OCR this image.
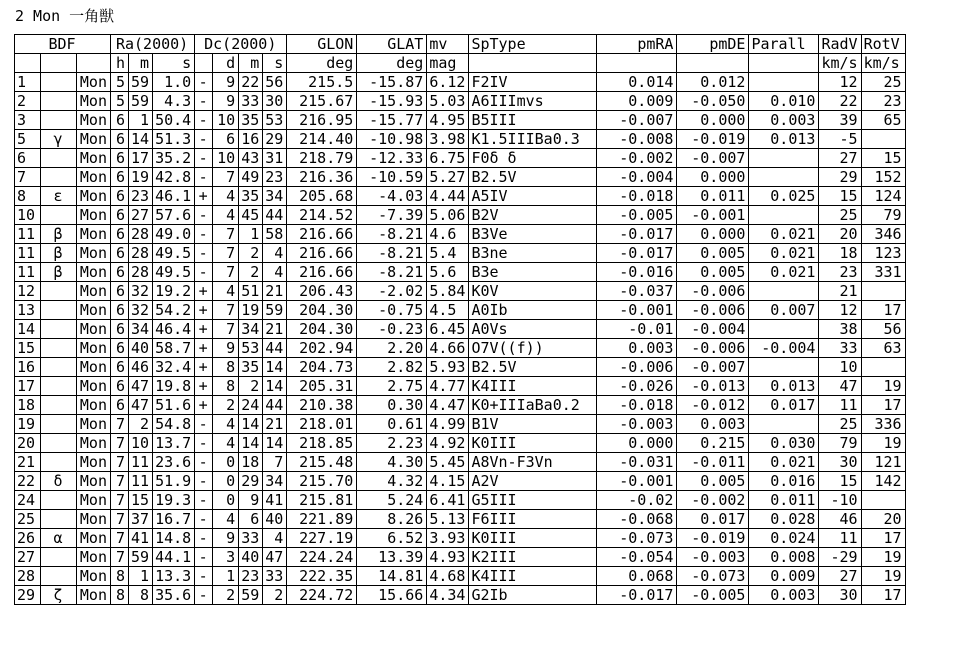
2 Mon 一角獣
BDF			Ra(2000)			Dc(2000)				GLON	GLAT	mv	SpType	pmRA	pmDE	Parall	RadV	RotV
			h	m	s		d	m	s	deg	deg	mag					km/s	km/s
1		Mon	5	59	1.0	-	9	22	56	215.5	-15.87	6.12	F2IV	0.014	0.012		12	25
2		Mon	5	59	4.3	-	9	33	30	215.67	-15.93	5.03	A6IIImvs	0.009	-0.050	0.010	22	23
3		Mon	6	1	50.4	-	10	35	53	216.95	-15.77	4.95	B5III	-0.007	0.000	0.003	39	65
5	γ	Mon	6	14	51.3	-	6	16	29	214.40	-10.98	3.98	K1.5IIIBa0.3	-0.008	-0.019	0.013	-5	
6		Mon	6	17	35.2	-	10	43	31	218.79	-12.33	6.75	F0δ δ	-0.002	-0.007		27	15
7		Mon	6	19	42.8	-	7	49	23	216.36	-10.59	5.27	B2.5V	-0.004	0.000		29	152
8	ε	Mon	6	23	46.1	+	4	35	34	205.68	-4.03	4.44	A5IV	-0.018	0.011	0.025	15	124
10		Mon	6	27	57.6	-	4	45	44	214.52	-7.39	5.06	B2V	-0.005	-0.001		25	79
11	β	Mon	6	28	49.0	-	7	1	58	216.66	-8.21	4.6	B3Ve	-0.017	0.000	0.021	20	346
11	β	Mon	6	28	49.5	-	7	2	4	216.66	-8.21	5.4	B3ne	-0.017	0.005	0.021	18	123
11	β	Mon	6	28	49.5	-	7	2	4	216.66	-8.21	5.6	B3e	-0.016	0.005	0.021	23	331
12		Mon	6	32	19.2	+	4	51	21	206.43	-2.02	5.84	K0V	-0.037	-0.006		21	
13		Mon	6	32	54.2	+	7	19	59	204.30	-0.75	4.5	A0Ib	-0.001	-0.006	0.007	12	17
14		Mon	6	34	46.4	+	7	34	21	204.30	-0.23	6.45	A0Vs	-0.01	-0.004		38	56
15		Mon	6	40	58.7	+	9	53	44	202.94	2.20	4.66	O7V((f))	0.003	-0.006	-0.004	33	63
16		Mon	6	46	32.4	+	8	35	14	204.73	2.82	5.93	B2.5V	-0.006	-0.007		10	
17		Mon	6	47	19.8	+	8	2	14	205.31	2.75	4.77	K4III	-0.026	-0.013	0.013	47	19
18		Mon	6	47	51.6	+	2	24	44	210.38	0.30	4.47	K0+IIIaBa0.2	-0.018	-0.012	0.017	11	17
19		Mon	7	2	54.8	-	4	14	21	218.01	0.61	4.99	B1V	-0.003	0.003		25	336
20		Mon	7	10	13.7	-	4	14	14	218.85	2.23	4.92	K0III	0.000	0.215	0.030	79	19
21		Mon	7	11	23.6	-	0	18	7	215.48	4.30	5.45	A8Vn-F3Vn	-0.031	-0.011	0.021	30	121
22	δ	Mon	7	11	51.9	-	0	29	34	215.70	4.32	4.15	A2V	-0.001	0.005	0.016	15	142
24		Mon	7	15	19.3	-	0	9	41	215.81	5.24	6.41	G5III	-0.02	-0.002	0.011	-10	
25		Mon	7	37	16.7	-	4	6	40	221.89	8.26	5.13	F6III	-0.068	0.017	0.028	46	20
26	α	Mon	7	41	14.8	-	9	33	4	227.19	6.52	3.93	K0III	-0.073	-0.019	0.024	11	17
27		Mon	7	59	44.1	-	3	40	47	224.24	13.39	4.93	K2III	-0.054	-0.003	0.008	-29	19
28		Mon	8	1	13.3	-	1	23	33	222.35	14.81	4.68	K4III	0.068	-0.073	0.009	27	19
29	ζ	Mon	8	8	35.6	-	2	59	2	224.72	15.66	4.34	G2Ib	-0.017	-0.005	0.003	30	17
